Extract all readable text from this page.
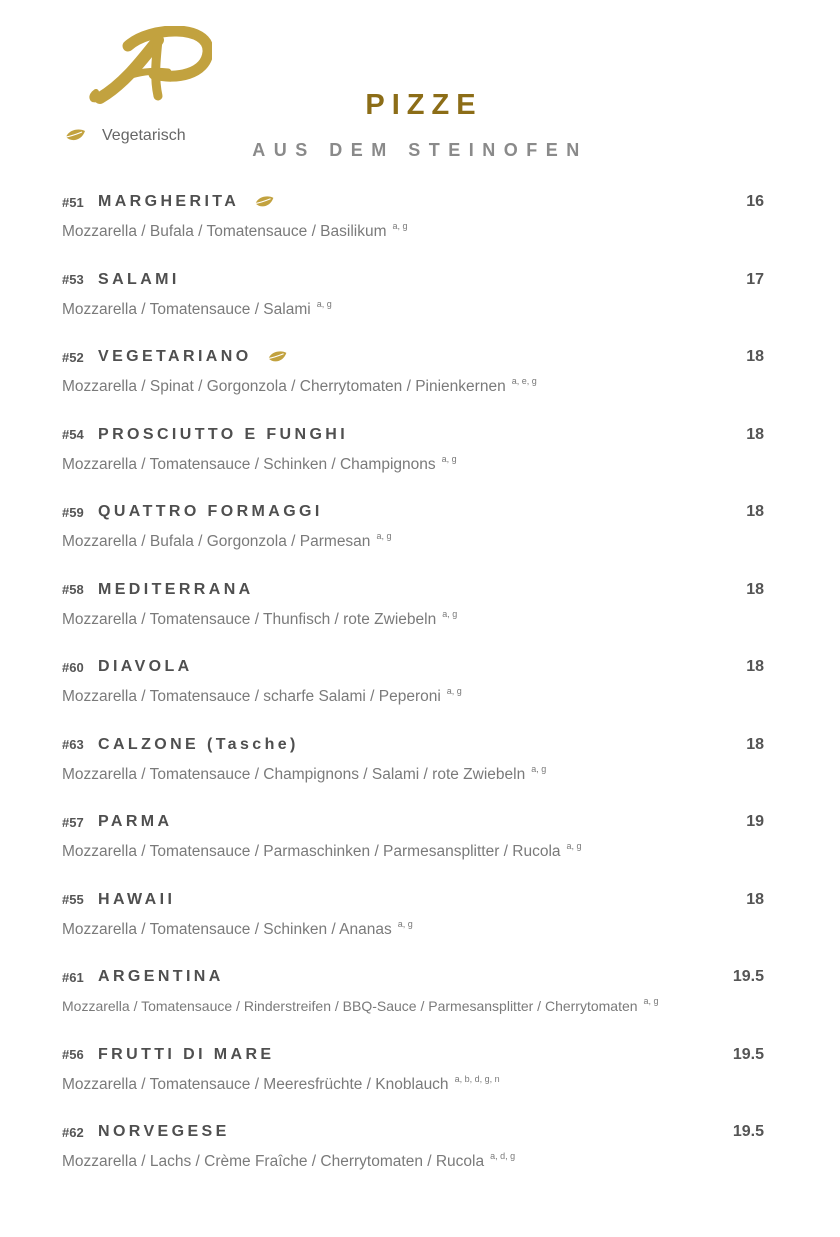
Vegetarisch
PIZZE
AUS DEM STEINOFEN
#51 MARGHERITA	16
Mozzarella / Bufala / Tomatensauce / Basilikum $^{a, g}$
#53 SALAMI	17
Mozzarella / Tomatensauce / Salami $^{a, g}$
#52 VEGETARIANO	18
Mozzarella / Spinat / Gorgonzola / Cherrytomaten / Pinienkernen $^{a, e, g}$
#54 PROSCIUTTO E FUNGHI	18
Mozzarella / Tomatensauce / Schinken / Champignons $^{a, g}$
#59 QUATTRO FORMAGGI	18
Mozzarella / Bufala / Gorgonzola / Parmesan $^{a, g}$
#58 MEDITERRANA	18
Mozzarella / Tomatensauce / Thunfisch / rote Zwiebeln $^{a, g}$
#60 DIAVOLA	18
Mozzarella / Tomatensauce / scharfe Salami / Peperoni $^{a, g}$
#63 CALZONE (Tasche)	18
Mozzarella / Tomatensauce / Champignons / Salami / rote Zwiebeln $^{a, g}$
#57 PARMA	19
Mozzarella / Tomatensauce / Parmaschinken / Parmesansplitter / Rucola $^{a, g}$
#55 HAWAII	18
Mozzarella / Tomatensauce / Schinken / Ananas $^{a, g}$
#61 ARGENTINA	19.5
Mozzarella / Tomatensauce / Rinderstreifen / BBQ-Sauce / Parmesansplitter / Cherrytomaten $^{a, g}$
#56 FRUTTI DI MARE	19.5
Mozzarella / Tomatensauce / Meeresfrüchte / Knoblauch $^{a, b, d, g, n}$
#62 NORVEGESE	19.5
Mozzarella / Lachs / Crème Fraîche / Cherrytomaten / Rucola $^{a, d, g}$
